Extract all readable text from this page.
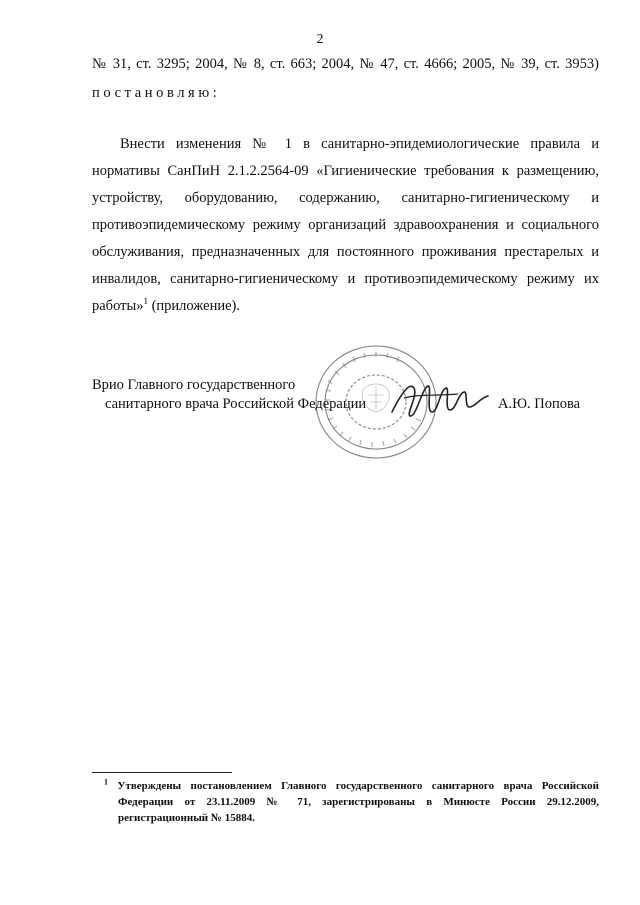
2
№ 31, ст. 3295; 2004, № 8, ст. 663; 2004, № 47, ст. 4666; 2005, № 39, ст. 3953)
постановляю:
Внести изменения № 1 в санитарно-эпидемиологические правила и
нормативы СанПиН 2.1.2.2564-09 «Гигиенические требования к размещению,
устройству, оборудованию, содержанию, санитарно-гигиеническому и
противоэпидемическому режиму организаций здравоохранения и социального
обслуживания, предназначенных для постоянного проживания престарелых и
инвалидов, санитарно-гигиеническому и противоэпидемическому режиму их
работы»$^1$ (приложение).
Врио Главного государственного
санитарного врача Российской Федерации	А.Ю. Попова
$^1$ Утверждены постановлением Главного государственного санитарного врача Российской
Федерации от 23.11.2009 № 71, зарегистрированы в Минюсте России 29.12.2009,
регистрационный № 15884.
